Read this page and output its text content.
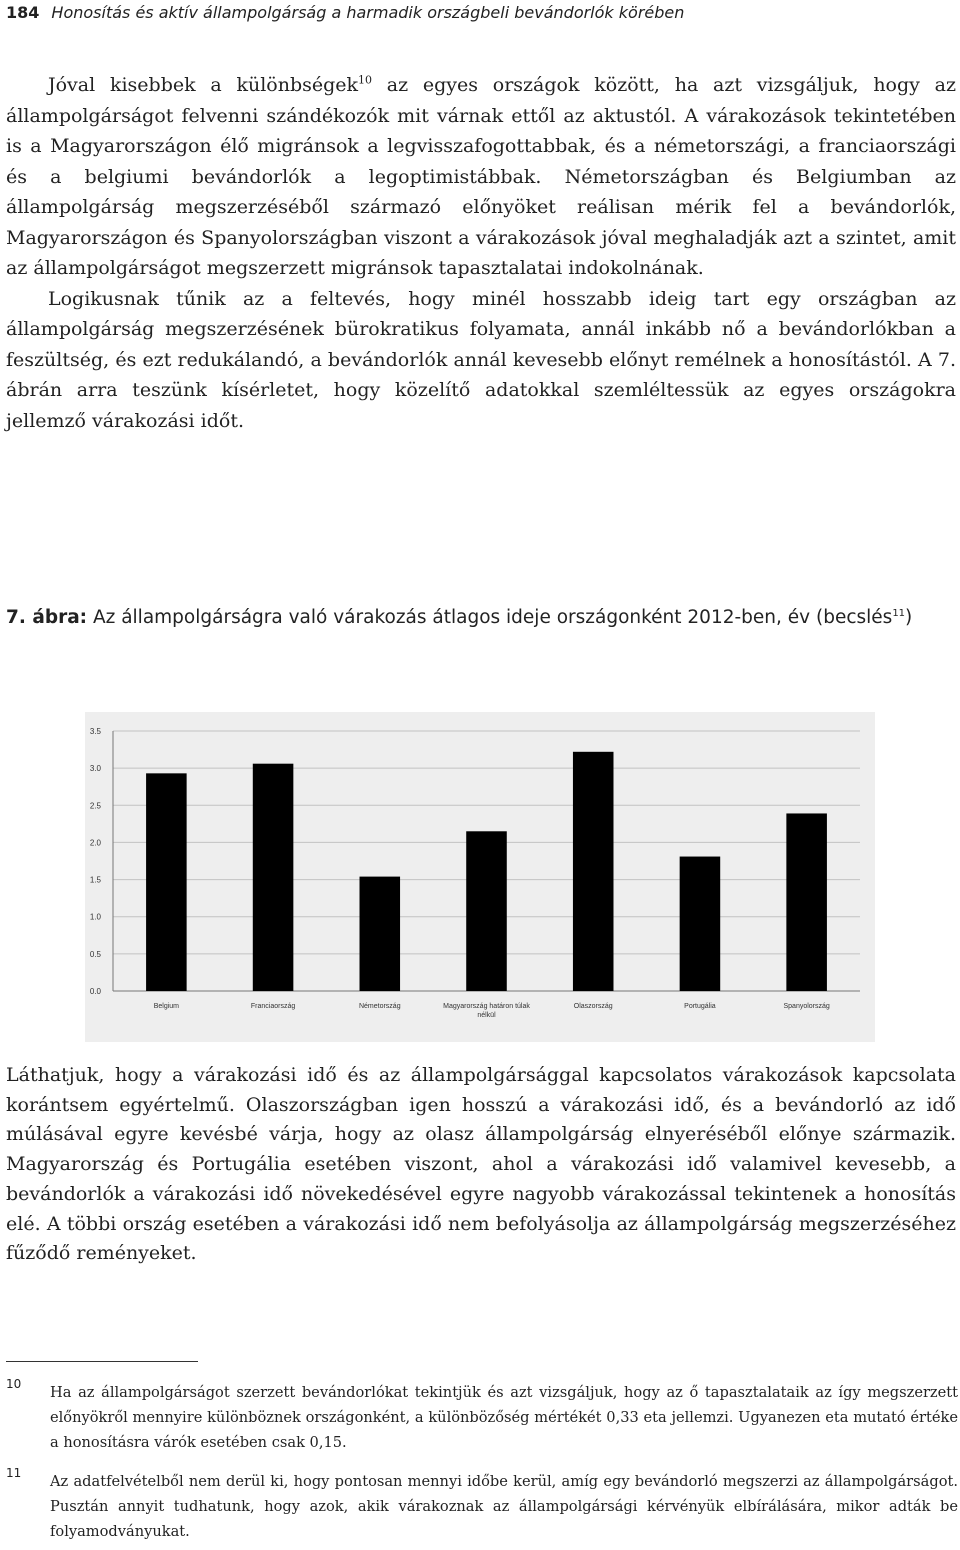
184 Honosítás és aktív állampolgárság a harmadik országbeli bevándorlók körében

Jóval kisebbek a különbségek$^{10}$ az egyes országok között, ha azt vizsgáljuk, hogy az állampolgárságot felvenni szándékozók mit várnak ettől az aktustól. A várakozások tekintetében is a Magyarországon élő migránsok a legvisszafogottabbak, és a németországi, a franciaországi és a belgiumi bevándorlók a legoptimistábbak. Németországban és Belgiumban az állampolgárság megszerzéséből származó előnyöket reálisan mérik fel a bevándorlók, Magyarországon és Spanyolországban viszont a várakozások jóval meghaladják azt a szintet, amit az állampolgárságot megszerzett migránsok tapasztalatai indokolnának.

Logikusnak tűnik az a feltevés, hogy minél hosszabb ideig tart egy országban az állampolgárság megszerzésének bürokratikus folyamata, annál inkább nő a bevándorlókban a feszültség, és ezt redukálandó, a bevándorlók annál kevesebb előnyt remélnek a honosítástól. A 7. ábrán arra teszünk kísérletet, hogy közelítő adatokkal szemléltessük az egyes országokra jellemző várakozási időt.

7. ábra: Az állampolgárságra való várakozás átlagos ideje országonként 2012-ben, év (becslés$^{11}$)
0.0
0.5
1.0
1.5
2.0
2.5
3.0
3.5
Belgium	Franciaország	Németország	Magyarország határon túlak
nélkül
Olaszország	Portugália	Spanyolország

Láthatjuk, hogy a várakozási idő és az állampolgársággal kapcsolatos várakozások kapcsolata korántsem egyértelmű. Olaszországban igen hosszú a várakozási idő, és a bevándorló az idő múlásával egyre kevésbé várja, hogy az olasz állampolgárság elnyeréséből előnye származik. Magyarország és Portugália esetében viszont, ahol a várakozási idő valamivel kevesebb, a bevándorlók a várakozási idő növekedésével egyre nagyobb várakozással tekintenek a honosítás elé. A többi ország esetében a várakozási idő nem befolyásolja az állampolgárság megszerzéséhez fűződő reményeket.

10 Ha az állampolgárságot szerzett bevándorlókat tekintjük és azt vizsgáljuk, hogy az ő tapasztalataik az így megszerzett előnyökről mennyire különböznek országonként, a különbözőség mértékét 0,33 eta jellemzi. Ugyanezen eta mutató értéke a honosításra várók esetében csak 0,15.
11 Az adatfelvételből nem derül ki, hogy pontosan mennyi időbe kerül, amíg egy bevándorló megszerzi az állampolgárságot. Pusztán annyit tudhatunk, hogy azok, akik várakoznak az állampolgársági kérvényük elbírálására, mikor adták be folyamodványukat.
